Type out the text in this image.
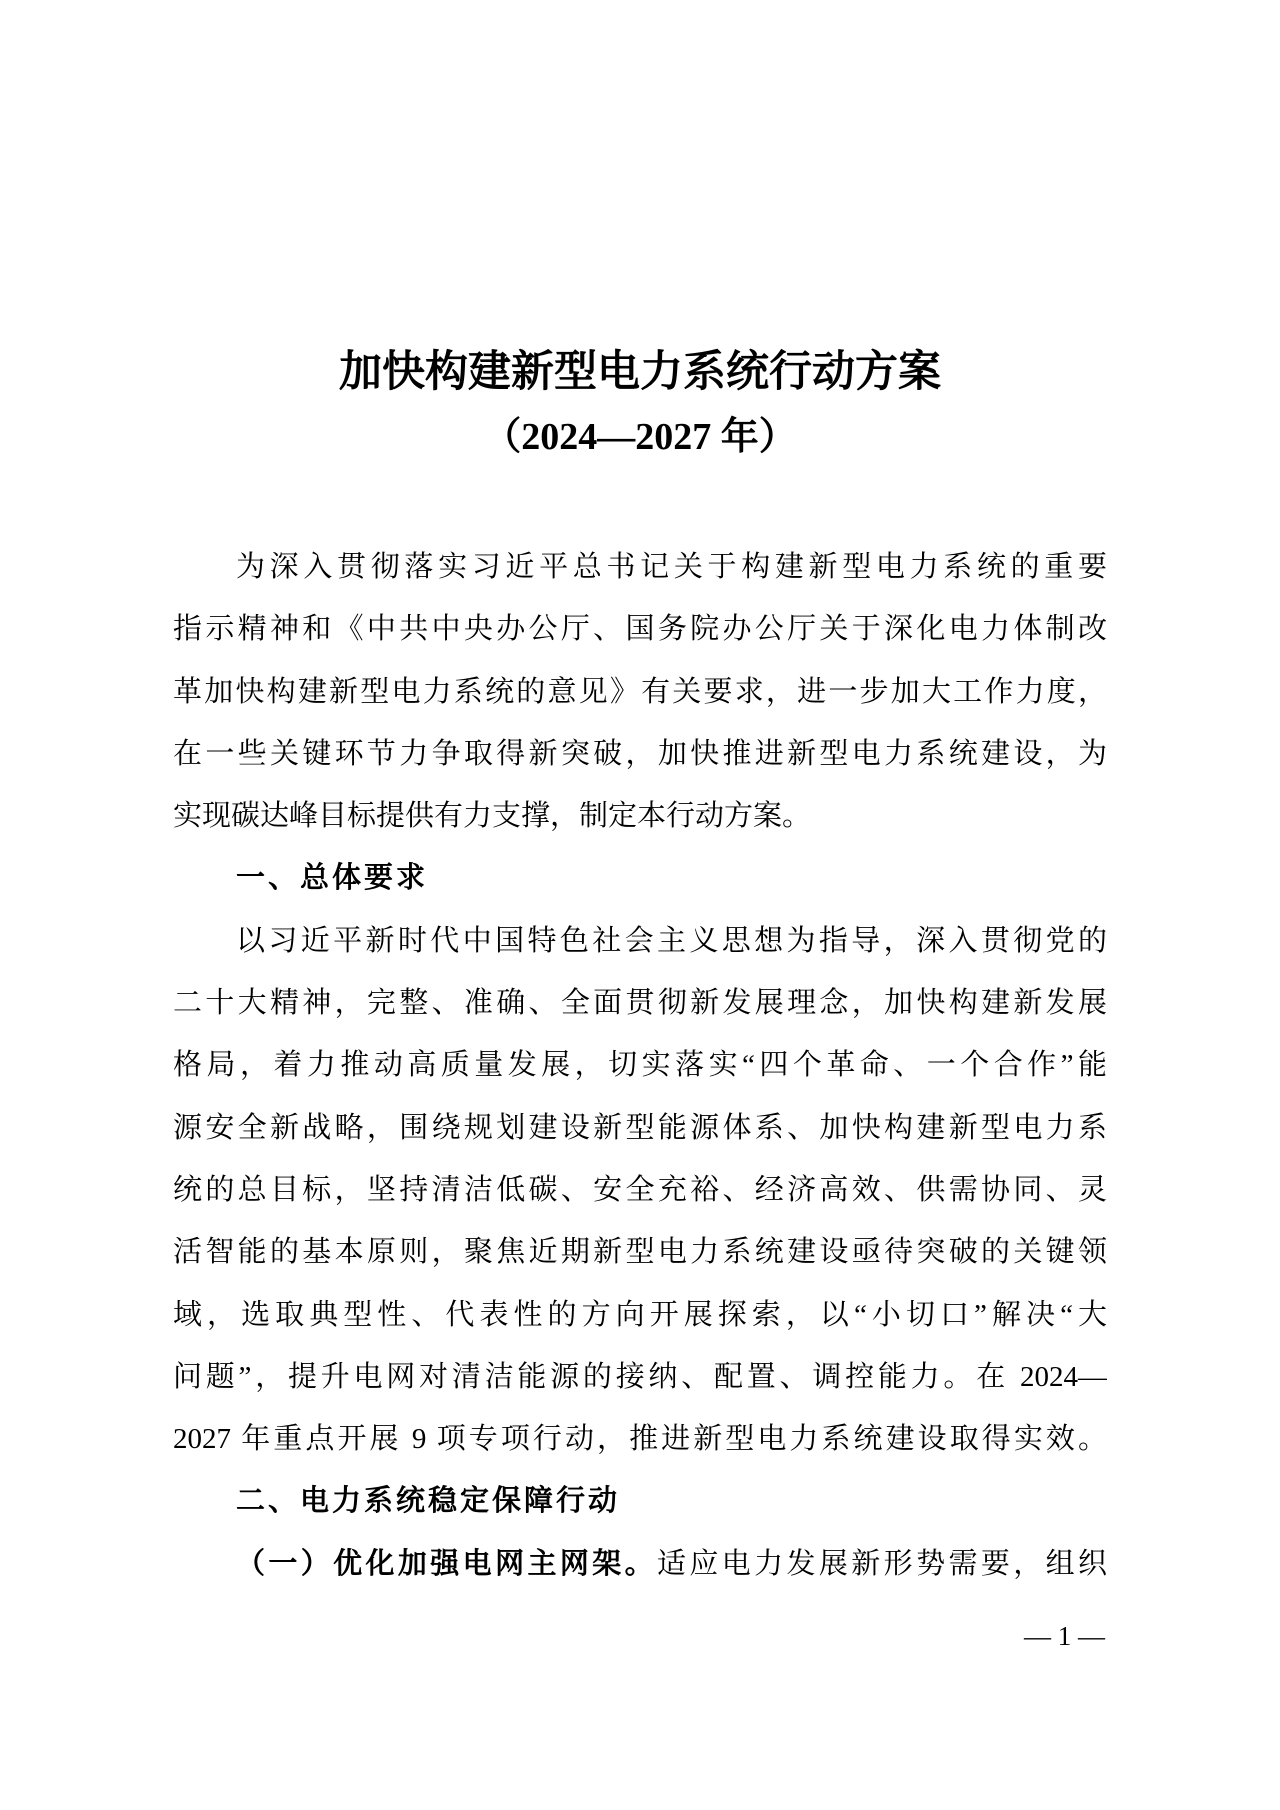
加快构建新型电力系统行动方案
（2024—2027 年）
为深入贯彻落实习近平总书记关于构建新型电力系统的重要
指示精神和《中共中央办公厅、国务院办公厅关于深化电力体制改
革加快构建新型电力系统的意见》有关要求，进一步加大工作力度，
在一些关键环节力争取得新突破，加快推进新型电力系统建设，为
实现碳达峰目标提供有力支撑，制定本行动方案。
一、总体要求
以习近平新时代中国特色社会主义思想为指导，深入贯彻党的
二十大精神，完整、准确、全面贯彻新发展理念，加快构建新发展
格局，着力推动高质量发展，切实落实“四个革命、一个合作”能
源安全新战略，围绕规划建设新型能源体系、加快构建新型电力系
统的总目标，坚持清洁低碳、安全充裕、经济高效、供需协同、灵
活智能的基本原则，聚焦近期新型电力系统建设亟待突破的关键领
域，选取典型性、代表性的方向开展探索，以“小切口”解决“大
问题”，提升电网对清洁能源的接纳、配置、调控能力。在 2024—
2027 年重点开展 9 项专项行动，推进新型电力系统建设取得实效。
二、电力系统稳定保障行动
（一）优化加强电网主网架。适应电力发展新形势需要，组织
— 1 —
